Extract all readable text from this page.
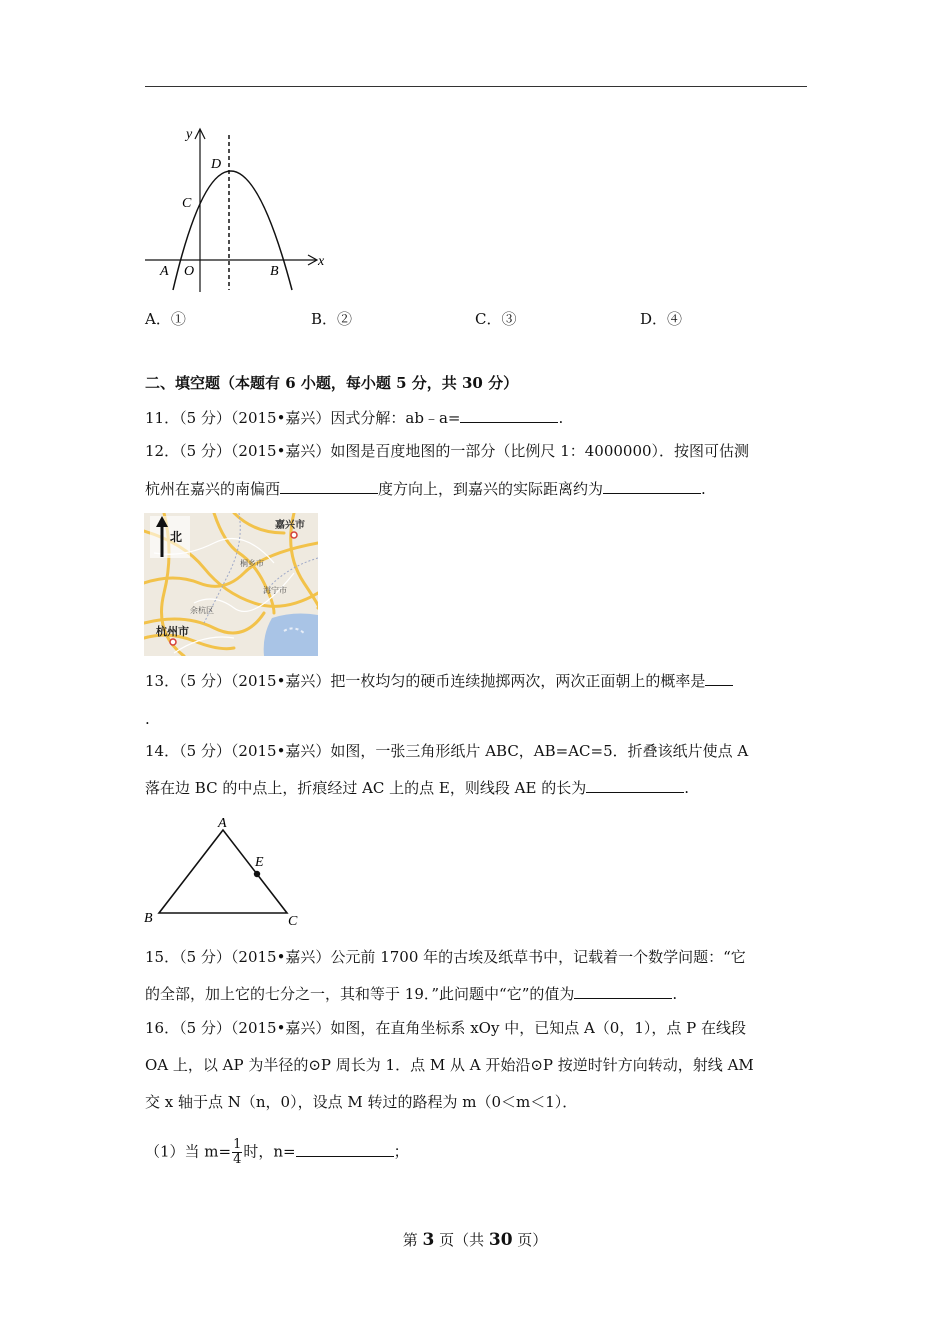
y
x
D
C
A O	B
A．①	B．②	C．③	D．④
二、填空题（本题有 6 小题，每小题 5 分，共 30 分）
11．（5 分）（2015•嘉兴）因式分解：ab﹣a=	.
12．（5 分）（2015•嘉兴）如图是百度地图的一部分（比例尺 1：4000000）．按图可估测
杭州在嘉兴的南偏西	度方向上，到嘉兴的实际距离约为	.
北
嘉兴市
桐乡市
海宁市
余杭区
杭州市
13．（5 分）（2015•嘉兴）把一枚均匀的硬币连续抛掷两次，两次正面朝上的概率是
.
14．（5 分）（2015•嘉兴）如图，一张三角形纸片 ABC，AB=AC=5．折叠该纸片使点 A
落在边 BC 的中点上，折痕经过 AC 上的点 E，则线段 AE 的长为	.
A
E
B	C
15．（5 分）（2015•嘉兴）公元前 1700 年的古埃及纸草书中，记载着一个数学问题：“它
的全部，加上它的七分之一，其和等于 19．”此问题中“它”的值为	.
16．（5 分）（2015•嘉兴）如图，在直角坐标系 xOy 中，已知点 A（0，1），点 P 在线段
OA 上，以 AP 为半径的⊙P 周长为 1．点 M 从 A 开始沿⊙P 按逆时针方向转动，射线 AM
交 x 轴于点 N（n，0），设点 M 转过的路程为 m（0＜m＜1）．
（1）当 $m= \frac{1}{4}$ 时，n=	；
第 3 页（共 30 页）
